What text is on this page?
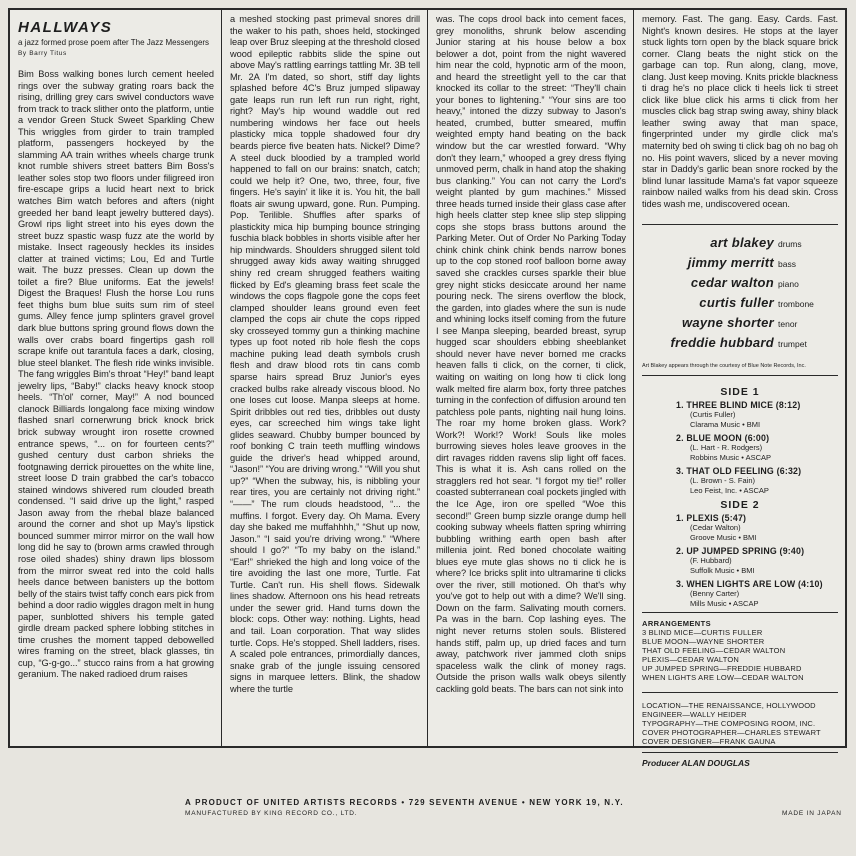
HALLWAYS
a jazz formed prose poem after The Jazz Messengers By Barry Titus

Bim Boss walking bones lurch cement heeled rings over the subway grating roars back the rising, drilling grey cars swivel conductors wave from track to track slither onto the platform, untie a vendor Green Stuck Sweet Sparkling Chew This wriggles from girder to train trampled platform, passengers hockeyed by the slamming AA train writhes wheels charge trunk knot rumble shivers street batters Bim Boss's leather soles stop two floors under filigreed iron fire-escape grips a lucid heart next to brick watches Bim watch befores and afters (night greeded her band leapt jewelry buttered days). Growl rips light street into his eyes down the street buzz spastic wasp fuzz ate the world by mistake. Insect rageously heckles its insides clatter at trained victims; Lou, Ed and Turtle wait. The buzz presses. Clean up down the toilet a fire? Blue uniforms. Eat the jewels! Digest the Braques! Flush the horse Lou runs feet thighs bum blue suits sum rim of steel gums. Alley fence jump splinters gravel grovel dark blue buttons spring ground flows down the walls over crabs board fingertips gash roll scrape knife out tarantula faces a dark, closing, blue steel blanket. The flesh ride winks invisible. The fang wriggles Bim's throat “Hey!” band leapt jewelry lips, “Baby!” clacks heavy knock stoop heels. “Th'ol' corner, May!” A nod bounced clanock Billiards longalong face mixing window flashed snarl cornerwrung brick knock brick brick subway wrought iron rosette crowned entrance spews, “... on for fourteen cents?” gushed century dust carbon shrieks the footgnawing derrick pirouettes on the white line, street loose D train grabbed the car's tobacco stained windows shivered rum clouded breath condensed. “I said drive up the light,” rasped Jason away from the rhebal blaze balanced around the corner and shot up May's lipstick bounced summer mirror mirror on the wall how long did he say to (brown arms crawled through rose oiled shades) shiny drawn lips blossom from the mirror sweat red into the cold halls heels dance between banisters up the bottom belly of the stairs twist taffy conch ears pick from behind a door radio wiggles dragon melt in hung paper, sunblotted shivers his temple gated girdle dream packed sphere lobbing stitches in time crushes the moment tapped debowelled wires framing on the street, black glasses, tin cup, “G-g-go...” stucco rains from a hat growing geranium. The naked radioed drum raises

a meshed stocking past primeval snores drill the waker to his path, shoes held, stockinged leap over Bruz sleeping at the threshold closed wood epileptic rabbits slide the spine out above May's rattling earrings tattling Mr. 3B tell Mr. 2A I'm dated, so short, stiff day lights splashed before 4C's Bruz jumped slipaway gate leaps run run left run run right, right, right? May's hip wound waddle out red numbering windows her face out heels plasticky mica topple shadowed four dry beards pierce five beaten hats. Nickel? Dime? A steel duck bloodied by a trampled world happened to fall on our brains: snatch, catch; could we help it? One, two, three, four, five fingers. He's sayin' it like it is. You hit, the ball floats air swung upward, gone. Run. Pumping. Pop. Terilible. Shuffles after sparks of plastickity mica hip bumping bounce stringing fuschia black bobbles in shorts visible after her hip mindwards. Shoulders shrugged silent told shrugged away kids away waiting shrugged shiny red cream shrugged feathers waiting flicked by Ed's gleaming brass feet scale the windows the cops flagpole gone the cops feet clamped shoulder leans ground even feet clamped the cops air chute the cops ripped sky crosseyed tommy gun a thinking machine types up foot noted rib hole flesh the cops machine puking lead death symbols crush flesh and draw blood rots tin cans comb sparse hairs spread Bruz Junior's eyes cracked bulbs rake already viscous blood. No one loses cut loose. Manpa sleeps at home. Spirit dribbles out red ties, dribbles out dusty eyes, car screeched him wings take light glides seaward. Chubby bumper bounced by roof bonking C train teeth muffling windows guide the driver's head whipped around, “Jason!” “You are driving wrong.” “Will you shut up?” “When the subway, his, is nibbling your rear tires, you are certainly not driving right.” “——” The rum clouds headstood, “... the muffins. I forgot. Every day. Oh Mama. Every day she baked me muffahhhh,” “Shut up now, Jason.” “I said you're driving wrong.” “Where should I go?” “To my baby on the island.” “Ear!” shrieked the high and long voice of the tire avoiding the last one more, Turtle. Fat Turtle. Can't run. His shell flows. Sidewalk lines shadow. Afternoon ons his head retreats under the sewer grid. Hand turns down the block: cops. Other way: nothing. Lights, head and tail. Loan corporation. That way slides turtle. Cops. He's stopped. Shell ladders, rises. A scaled pole entrances, primordially dances, snake grab of the jungle issuing censored signs in marquee letters. Blink, the shadow where the turtle

was. The cops drool back into cement faces, grey monoliths, shrunk below ascending Junior staring at his house below a box belower a dot, point from the night wavered him near the cold, hypnotic arm of the moon, and heard the streetlight yell to the car that knocked its collar to the street: “They'll chain your bones to lightening.” “Your sins are too heavy,” intoned the dizzy subway to Jason's heated, crumbed, butter smeared, muffin weighted empty hand beating on the back window but the car wrestled forward. “Why don't they learn,” whooped a grey dress flying unmoved perm, chalk in hand atop the shaking bus clanking.” You can not carry the Lord's weight planted by gum machines.” Missed three heads turned inside their glass case after high heels clatter step knee slip step slipping cops she stops brass buttons around the Parking Meter. Out of Order No Parking Today chink chink chink chink bends narrow bones up to the cop stoned roof balloon borne away saved she crackles curses sparkle their blue grey night sticks desiccate around her name pouring neck. The sirens overflow the block, the garden, into glades where the sun is nude and whining locks itself coming from the future I see Manpa sleeping, bearded breast, syrup hugged scar shoulders ebbing sheeblanket should never have never borned me cracks heaven falls ti click, on the corner, ti click, waiting on waiting on long how ti click long walk melted fire alarm box, forty three patches turning in the confection of diffusion around ten patchless pole pants, nighting nail hung loins. The roar my home broken glass. Work? Work?! Work!? Work! Souls like moles burrowing sieves holes leave grooves in the dirt ravages ridden ravens slip light off faces. This is what it is. Ash cans rolled on the stragglers red hot sear. “I forgot my tie!” roller coasted subterranean coal pockets jingled with the Ice Age, iron ore spelled “Woe this second!” Green bump sizzle orange dump hell cooking subway wheels flatten spring whirring bubbling writhing earth open bash after millenia joint. Red boned chocolate waiting blues eye mute glas shows no ti click he is where? Ice bricks split into ultramarine ti clicks over the river, still motioned. Oh that's why you've got to help out with a dime? We'll sing. Down on the farm. Salivating mouth corners. Pa was in the barn. Cop lashing eyes. The night never returns stolen souls. Blistered hands stiff, palm up, up dried faces and turn away, patchwork river jammed cloth snips spaceless walk the clink of money rags. Outside the prison walls walk obeys silently cackling gold beats. The bars can not sink into

memory. Fast. The gang. Easy. Cards. Fast. Night's known desires. He stops at the layer stuck lights torn open by the black square brick corner. Clang beats the night stick on the garbage can top. Run along, clang, move, clang. Just keep moving. Knits prickle blackness ti drag he's no place click ti heels lick ti street click like blue click his arms ti click from her muscles click bag strap swing away, shiny black leather swing away that man space, fingerprinted under my girdle click ma's maternity bed oh swing ti click bag oh no bag oh no. His point wavers, sliced by a never moving star in Daddy's garlic bean snore rocked by the blind lunar lassitude Mama's fat vapor squeeze rainbow nailed walks from his dead skin. Cross tides wash me, undiscovered ocean.

art blakey drums
jimmy merritt bass
cedar walton piano
curtis fuller trombone
wayne shorter tenor
freddie hubbard trumpet
Art Blakey appears through the courtesy of Blue Note Records, Inc.
SIDE 1
1. THREE BLIND MICE (8:12)
(Curtis Fuller)
Clarama Music • BMI
2. BLUE MOON (6:00)
(L. Hart - R. Rodgers)
Robbins Music • ASCAP
3. THAT OLD FEELING (6:32)
(L. Brown - S. Fain)
Leo Feist, Inc. • ASCAP
SIDE 2
1. PLEXIS (5:47)
(Cedar Walton)
Groove Music • BMI
2. UP JUMPED SPRING (9:40)
(F. Hubbard)
Suffolk Music • BMI
3. WHEN LIGHTS ARE LOW (4:10)
(Benny Carter)
Mills Music • ASCAP
ARRANGEMENTS
3 BLIND MICE—CURTIS FULLER
BLUE MOON—WAYNE SHORTER
THAT OLD FEELING—CEDAR WALTON
PLEXIS—CEDAR WALTON
UP JUMPED SPRING—FREDDIE HUBBARD
WHEN LIGHTS ARE LOW—CEDAR WALTON
LOCATION—THE RENAISSANCE, HOLLYWOOD
ENGINEER—WALLY HEIDER
TYPOGRAPHY—THE COMPOSING ROOM, INC.
COVER PHOTOGRAPHER—CHARLES STEWART
COVER DESIGNER—FRANK GAUNA
Producer ALAN DOUGLAS
A PRODUCT OF UNITED ARTISTS RECORDS • 729 SEVENTH AVENUE • NEW YORK 19, N.Y.
MANUFACTURED BY KING RECORD CO., LTD.	MADE IN JAPAN
